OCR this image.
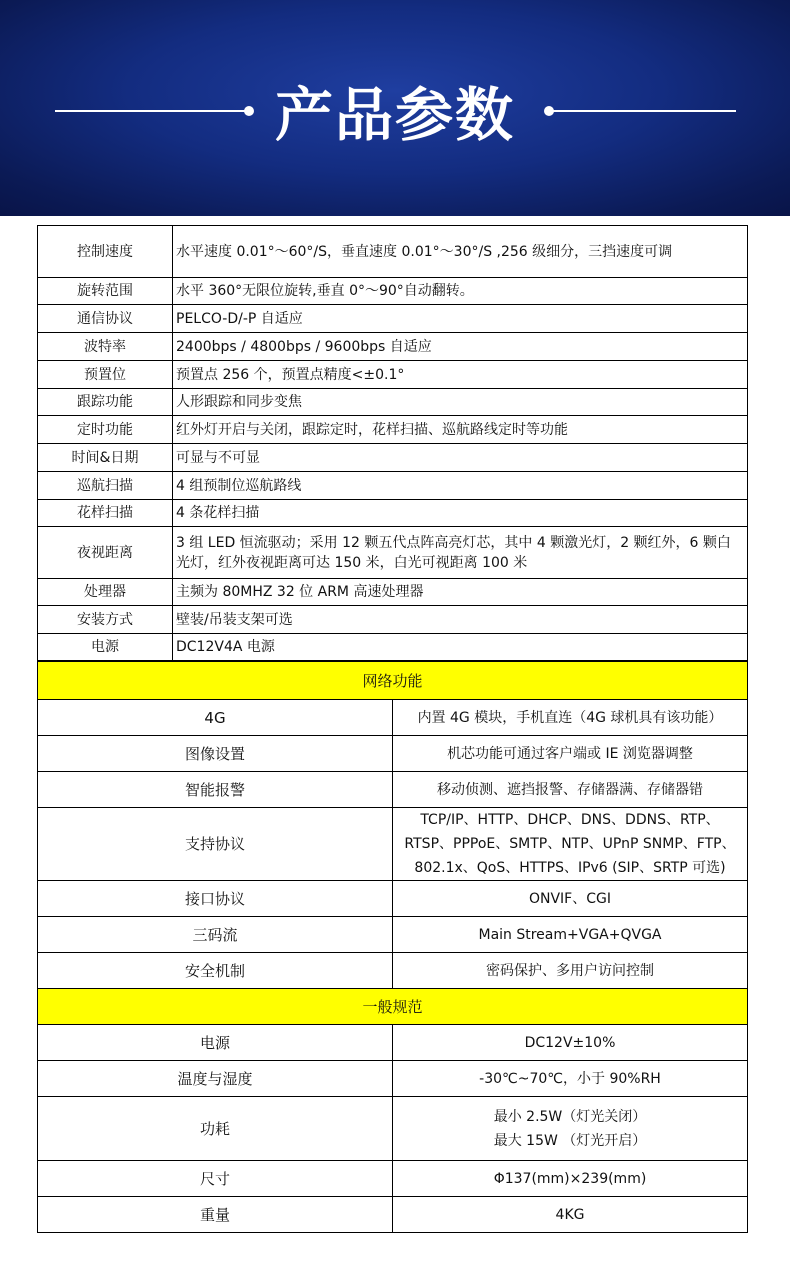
产品参数
控制速度	水平速度 0.01°～60°/S，垂直速度 0.01°～30°/S ,256 级细分，三挡速度可调
旋转范围	水平 360°无限位旋转,垂直 0°～90°自动翻转。
通信协议	PELCO-D/-P 自适应
波特率	2400bps / 4800bps / 9600bps 自适应
预置位	预置点 256 个，预置点精度<±0.1°
跟踪功能	人形跟踪和同步变焦
定时功能	红外灯开启与关闭，跟踪定时，花样扫描、巡航路线定时等功能
时间&日期	可显与不可显
巡航扫描	4 组预制位巡航路线
花样扫描	4 条花样扫描
夜视距离	3 组 LED 恒流驱动；采用 12 颗五代点阵高亮灯芯，其中 4 颗激光灯，2 颗红外，6 颗白光灯，红外夜视距离可达 150 米，白光可视距离 100 米
处理器	主频为 80MHZ 32 位 ARM 高速处理器
安装方式	壁装/吊装支架可选
电源	DC12V4A 电源
网络功能	
4G	内置 4G 模块，手机直连（4G 球机具有该功能）
图像设置	机芯功能可通过客户端或 IE 浏览器调整
智能报警	移动侦测、遮挡报警、存储器满、存储器错
支持协议	TCP/IP、HTTP、DHCP、DNS、DDNS、RTP、RTSP、PPPoE、SMTP、NTP、UPnP SNMP、FTP、802.1x、QoS、HTTPS、IPv6 (SIP、SRTP 可选)
接口协议	ONVIF、CGI
三码流	Main Stream+VGA+QVGA
安全机制	密码保护、多用户访问控制
一般规范	
电源	DC12V±10%
温度与湿度	-30℃~70℃，小于 90%RH
功耗	最小 2.5W（灯光关闭）
最大 15W （灯光开启）

尺寸	Φ137(mm)×239(mm)
重量	4KG
